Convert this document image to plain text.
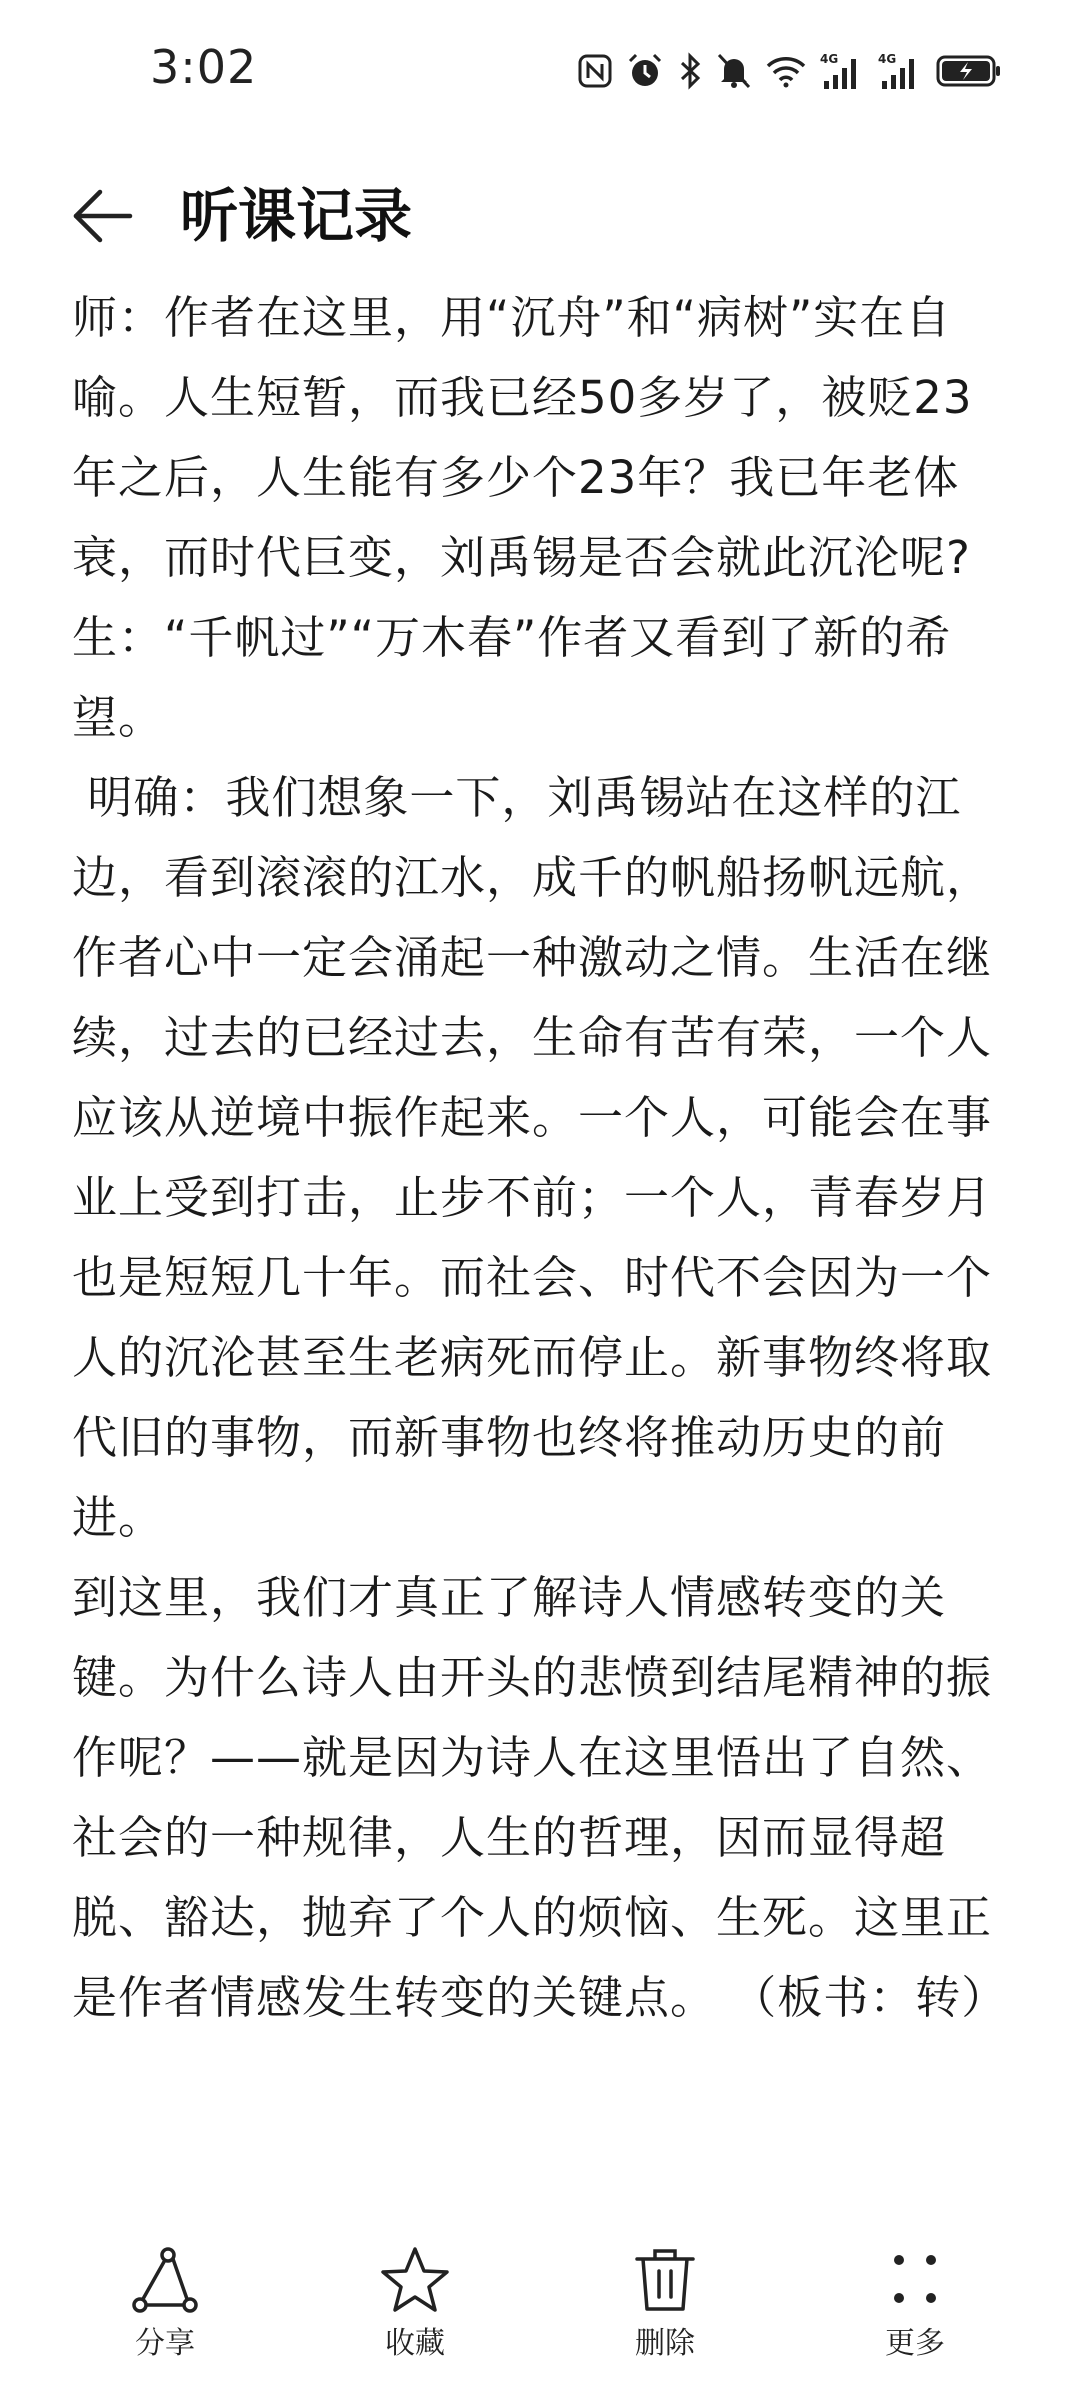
3:02	4G	4G
听课记录

师：作者在这里，用“沉舟”和“病树”实在自喻。人生短暂，而我已经50多岁了，被贬23年之后，人生能有多少个23年？我已年老体衰，而时代巨变，刘禹锡是否会就此沉沦呢?

生：“千帆过”“万木春”作者又看到了新的希望。

明确：我们想象一下，刘禹锡站在这样的江边，看到滚滚的江水，成千的帆船扬帆远航，作者心中一定会涌起一种激动之情。生活在继续，过去的已经过去，生命有苦有荣，一个人应该从逆境中振作起来。一个人，可能会在事业上受到打击，止步不前；一个人，青春岁月也是短短几十年。而社会、时代不会因为一个人的沉沦甚至生老病死而停止。新事物终将取代旧的事物，而新事物也终将推动历史的前进。

到这里，我们才真正了解诗人情感转变的关键。为什么诗人由开头的悲愤到结尾精神的振作呢？——就是因为诗人在这里悟出了自然、社会的一种规律，人生的哲理，因而显得超脱、豁达，抛弃了个人的烦恼、生死。这里正是作者情感发生转变的关键点。 （板书：转）

分享	收藏	删除	更多
